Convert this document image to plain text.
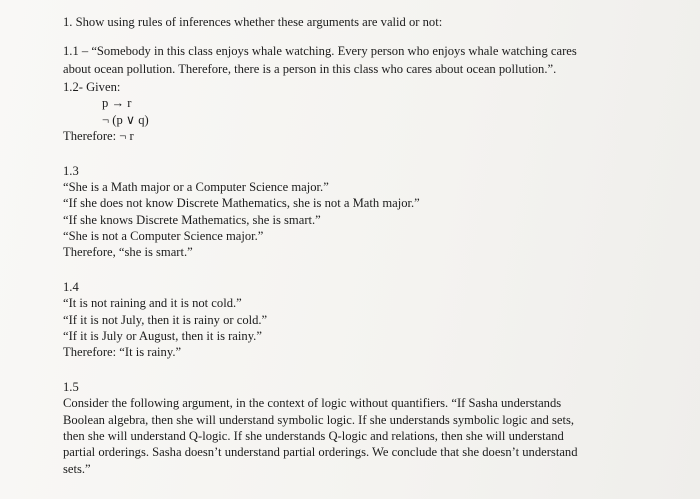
1. Show using rules of inferences whether these arguments are valid or not:
1.1 – “Somebody in this class enjoys whale watching. Every person who enjoys whale watching cares
about ocean pollution. Therefore, there is a person in this class who cares about ocean pollution.”.
1.2- Given:
p → r
¬ (p ∨ q)
Therefore: ¬ r
1.3
“She is a Math major or a Computer Science major.”
“If she does not know Discrete Mathematics, she is not a Math major.”
“If she knows Discrete Mathematics, she is smart.”
“She is not a Computer Science major.”
Therefore, “she is smart.”
1.4
“It is not raining and it is not cold.”
“If it is not July, then it is rainy or cold.”
“If it is July or August, then it is rainy.”
Therefore: “It is rainy.”
1.5
Consider the following argument, in the context of logic without quantifiers. “If Sasha understands
Boolean algebra, then she will understand symbolic logic. If she understands symbolic logic and sets,
then she will understand Q-logic. If she understands Q-logic and relations, then she will understand
partial orderings. Sasha doesn’t understand partial orderings. We conclude that she doesn’t understand
sets.”
